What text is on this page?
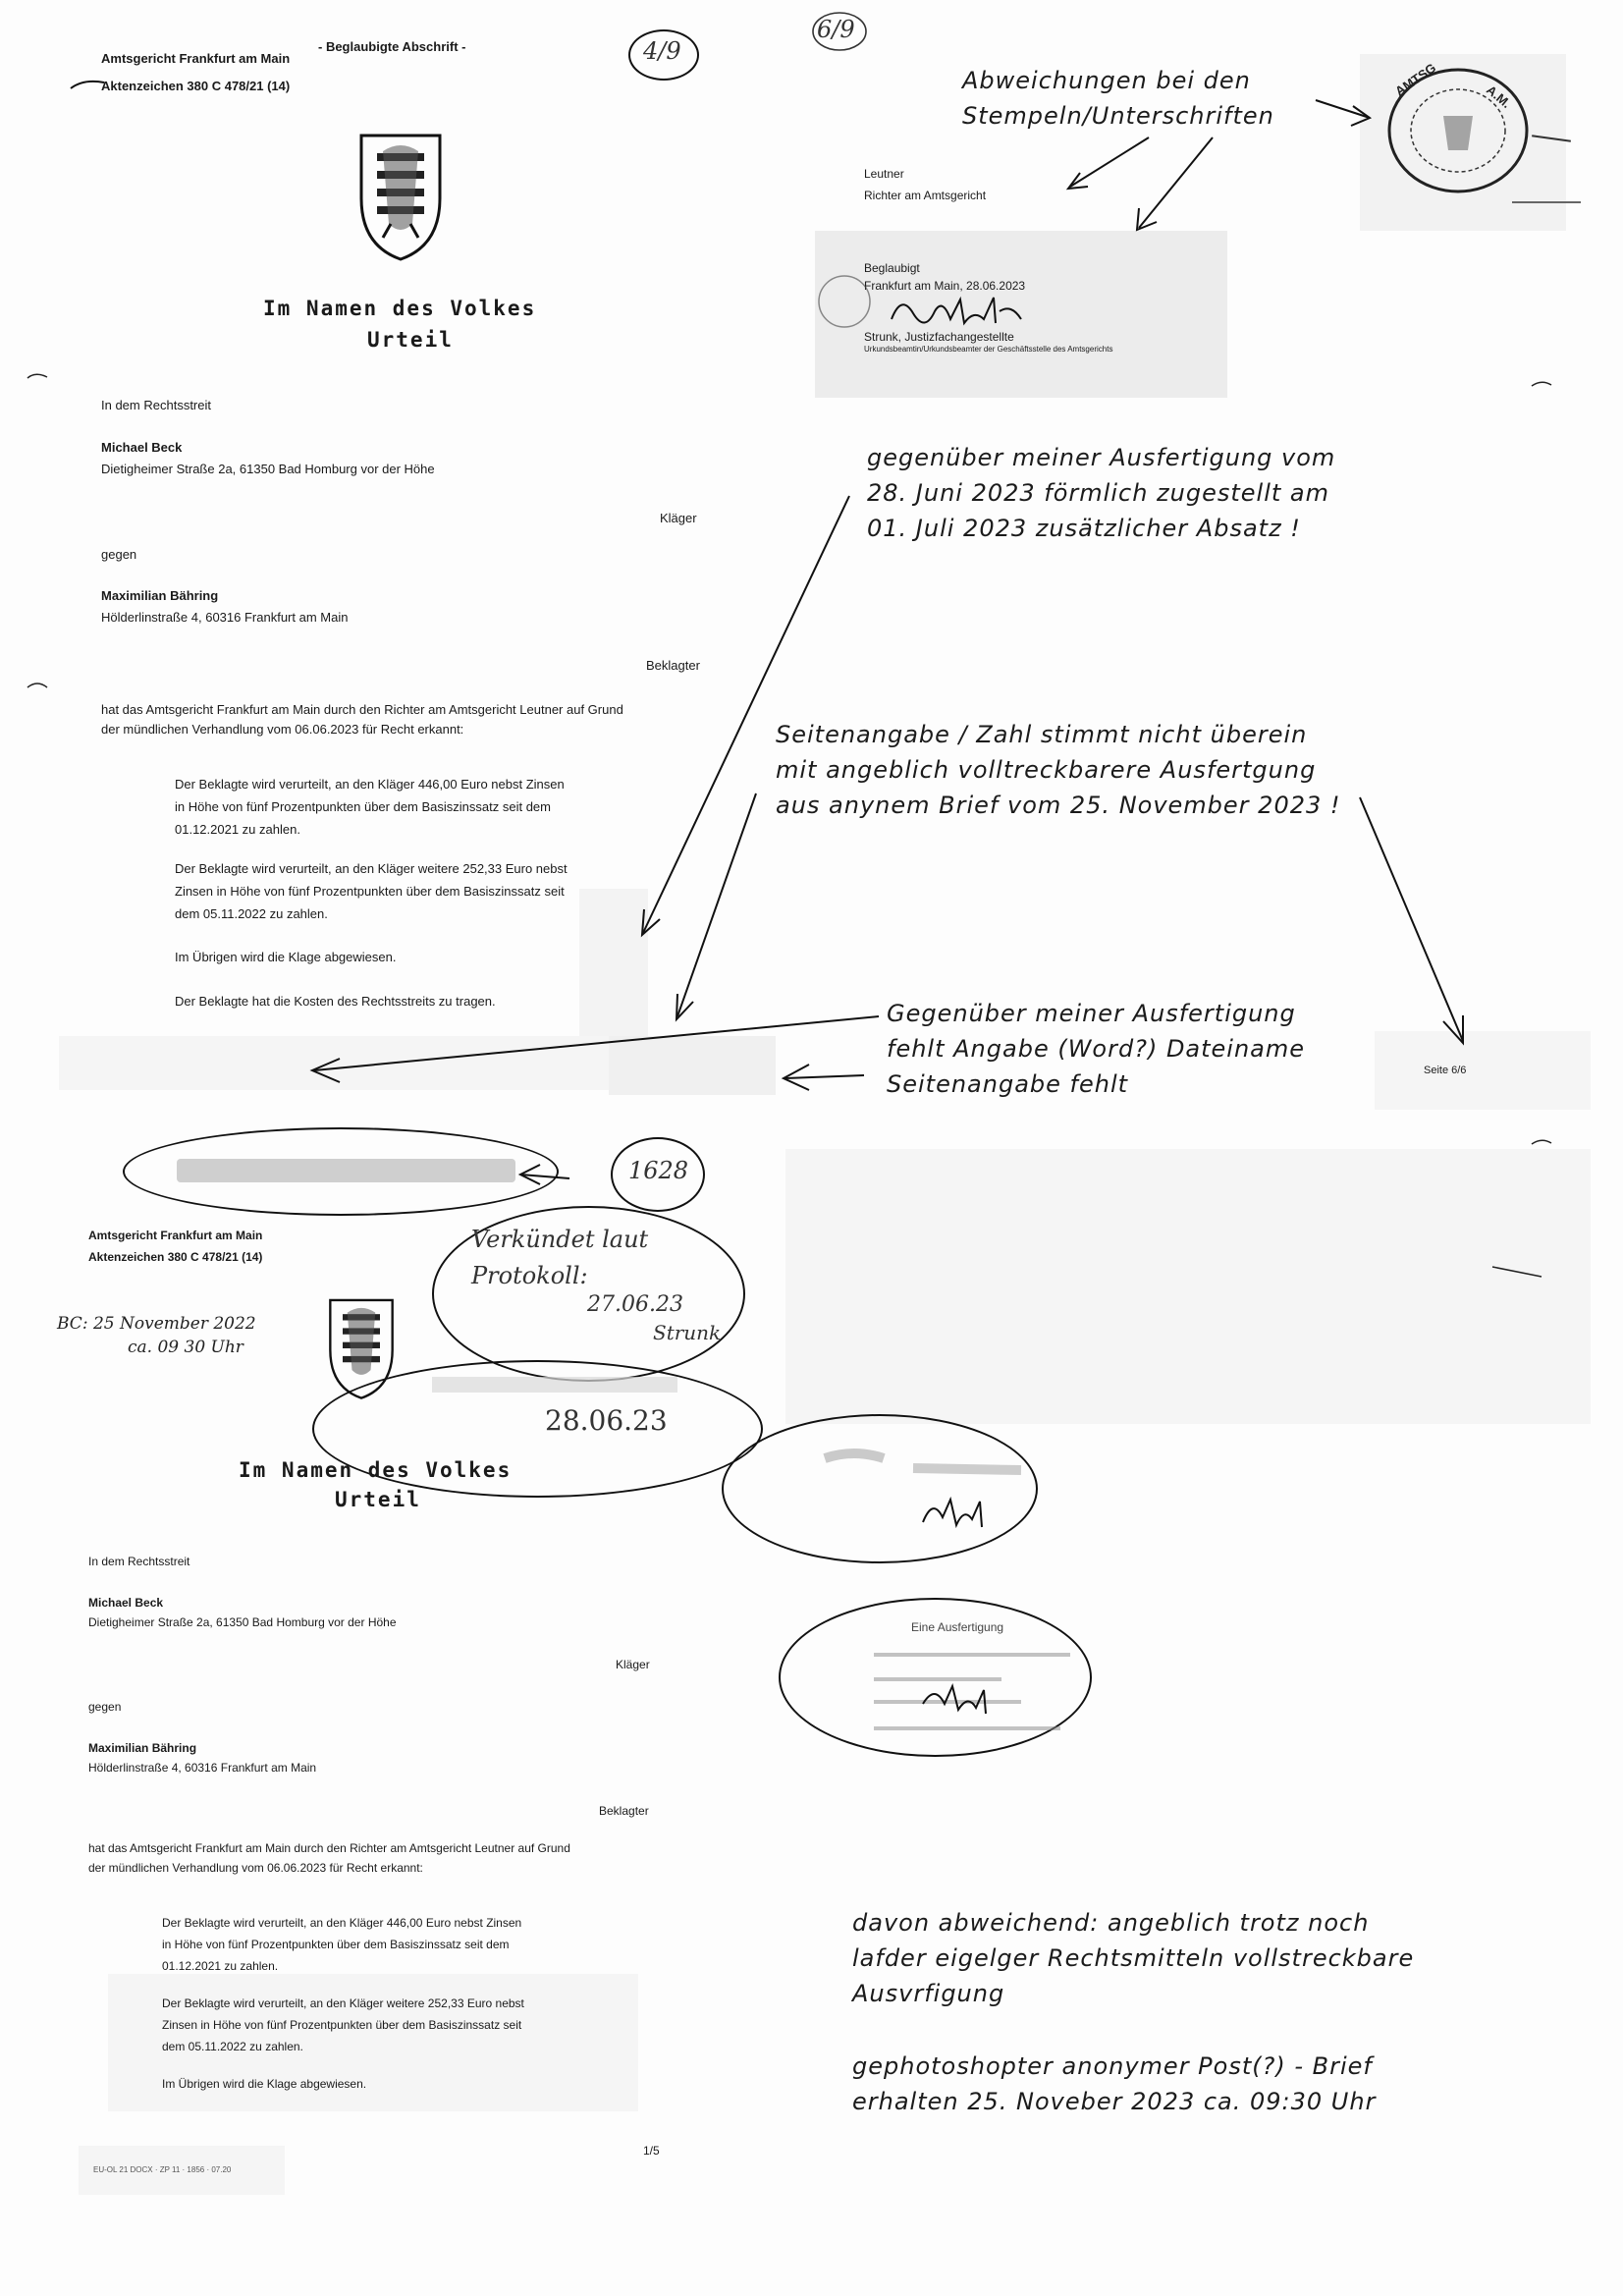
Amtsgericht Frankfurt am Main
- Beglaubigte Abschrift -
Aktenzeichen 380 C 478/21 (14)
4/9
6/9
Im Namen des Volkes
Urteil
In dem Rechtsstreit
Michael Beck
Dietigheimer Straße 2a, 61350 Bad Homburg vor der Höhe
Kläger
gegen
Maximilian Bähring
Hölderlinstraße 4, 60316 Frankfurt am Main
Beklagter
hat das Amtsgericht Frankfurt am Main durch den Richter am Amtsgericht Leutner auf Grund
der mündlichen Verhandlung vom 06.06.2023 für Recht erkannt:
Der Beklagte wird verurteilt, an den Kläger 446,00 Euro nebst Zinsen
in Höhe von fünf Prozentpunkten über dem Basiszinssatz seit dem
01.12.2021 zu zahlen.
Der Beklagte wird verurteilt, an den Kläger weitere 252,33 Euro nebst
Zinsen in Höhe von fünf Prozentpunkten über dem Basiszinssatz seit
dem 05.11.2022 zu zahlen.
Im Übrigen wird die Klage abgewiesen.
Der Beklagte hat die Kosten des Rechtsstreits zu tragen.
Leutner
Richter am Amtsgericht
Beglaubigt
Frankfurt am Main, 28.06.2023
Strunk, Justizfachangestellte
Urkundsbeamtin/Urkundsbeamter der Geschäftsstelle des Amtsgerichts
AMTSG	A.M.
Seite 6/6
Abweichungen bei den
Stempeln/Unterschriften
gegenüber meiner Ausfertigung vom
28. Juni 2023 förmlich zugestellt am
01. Juli 2023 zusätzlicher Absatz !
Seitenangabe / Zahl stimmt nicht überein
mit angeblich volltreckbarere Ausfertgung
aus anynem Brief vom 25. November 2023 !
Gegenüber meiner Ausfertigung
fehlt Angabe (Word?) Dateiname
Seitenangabe fehlt
davon abweichend: angeblich trotz noch
lafder eigelger Rechtsmitteln vollstreckbare
Ausvrfigung
gephotoshopter anonymer Post(?) - Brief
erhalten 25. Noveber 2023 ca. 09:30 Uhr
1628
Verkündet laut
Protokoll:
27.06.23
Strunk
28.06.23
Eine Ausfertigung
Amtsgericht Frankfurt am Main
Aktenzeichen 380 C 478/21 (14)
BC: 25 November 2022
ca. 09 30 Uhr
Im Namen des Volkes
Urteil
In dem Rechtsstreit
Michael Beck
Dietigheimer Straße 2a, 61350 Bad Homburg vor der Höhe
Kläger
gegen
Maximilian Bähring
Hölderlinstraße 4, 60316 Frankfurt am Main
Beklagter
hat das Amtsgericht Frankfurt am Main durch den Richter am Amtsgericht Leutner auf Grund
der mündlichen Verhandlung vom 06.06.2023 für Recht erkannt:
Der Beklagte wird verurteilt, an den Kläger 446,00 Euro nebst Zinsen
in Höhe von fünf Prozentpunkten über dem Basiszinssatz seit dem
01.12.2021 zu zahlen.
Der Beklagte wird verurteilt, an den Kläger weitere 252,33 Euro nebst
Zinsen in Höhe von fünf Prozentpunkten über dem Basiszinssatz seit
dem 05.11.2022 zu zahlen.
Im Übrigen wird die Klage abgewiesen.
1/5
EU-OL 21 DOCX · ZP 11 · 1856 · 07.20
